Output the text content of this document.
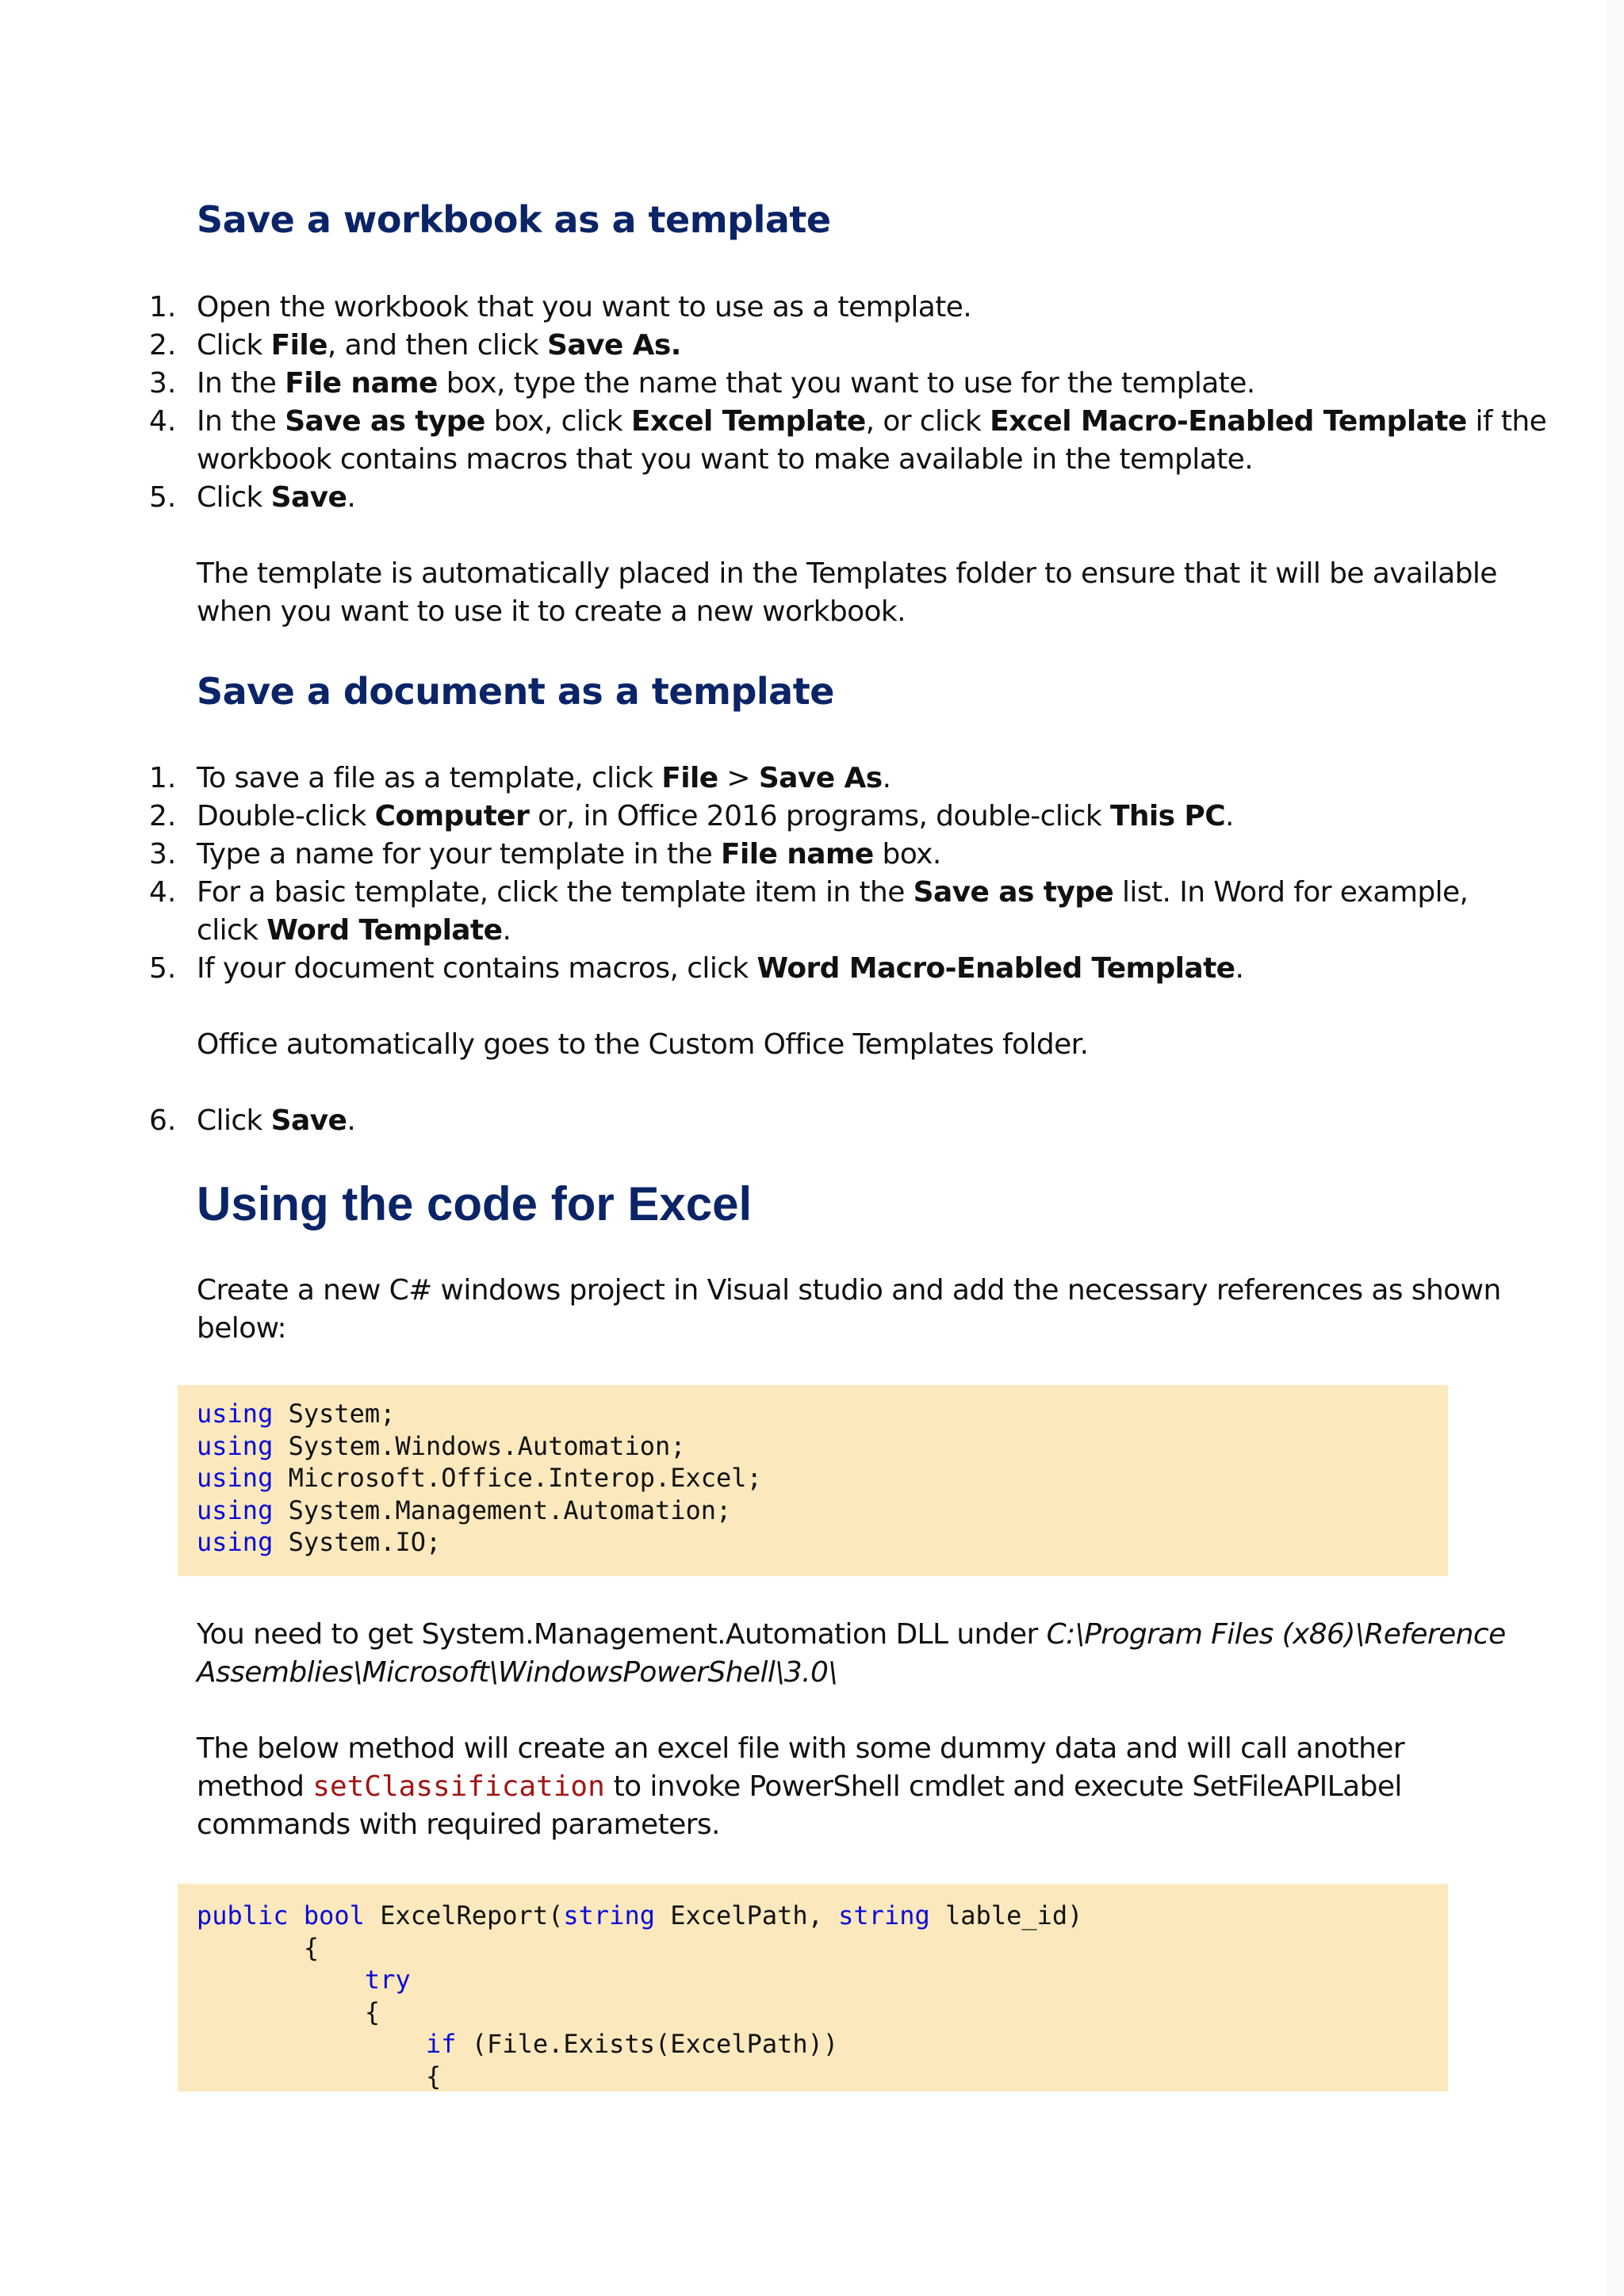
Save a workbook as a template
1. Open the workbook that you want to use as a template.
2. Click File, and then click Save As.
3. In the File name box, type the name that you want to use for the template.
4. In the Save as type box, click Excel Template, or click Excel Macro-Enabled Template if the
workbook contains macros that you want to make available in the template.
5. Click Save.
The template is automatically placed in the Templates folder to ensure that it will be available
when you want to use it to create a new workbook.
Save a document as a template
1. To save a file as a template, click File > Save As.
2. Double-click Computer or, in Office 2016 programs, double-click This PC.
3. Type a name for your template in the File name box.
4. For a basic template, click the template item in the Save as type list. In Word for example,
click Word Template.
5. If your document contains macros, click Word Macro-Enabled Template.
Office automatically goes to the Custom Office Templates folder.
6. Click Save.
Using the code for Excel
Create a new C# windows project in Visual studio and add the necessary references as shown
below:
using System;
using System.Windows.Automation;
using Microsoft.Office.Interop.Excel;
using System.Management.Automation;
using System.IO;
You need to get System.Management.Automation DLL under C:\Program Files (x86)\Reference
Assemblies\Microsoft\WindowsPowerShell\3.0\
The below method will create an excel file with some dummy data and will call another
method setClassification to invoke PowerShell cmdlet and execute SetFileAPILabel
commands with required parameters.
public bool ExcelReport(string ExcelPath, string lable_id)
{
try
{
if (File.Exists(ExcelPath))
{
